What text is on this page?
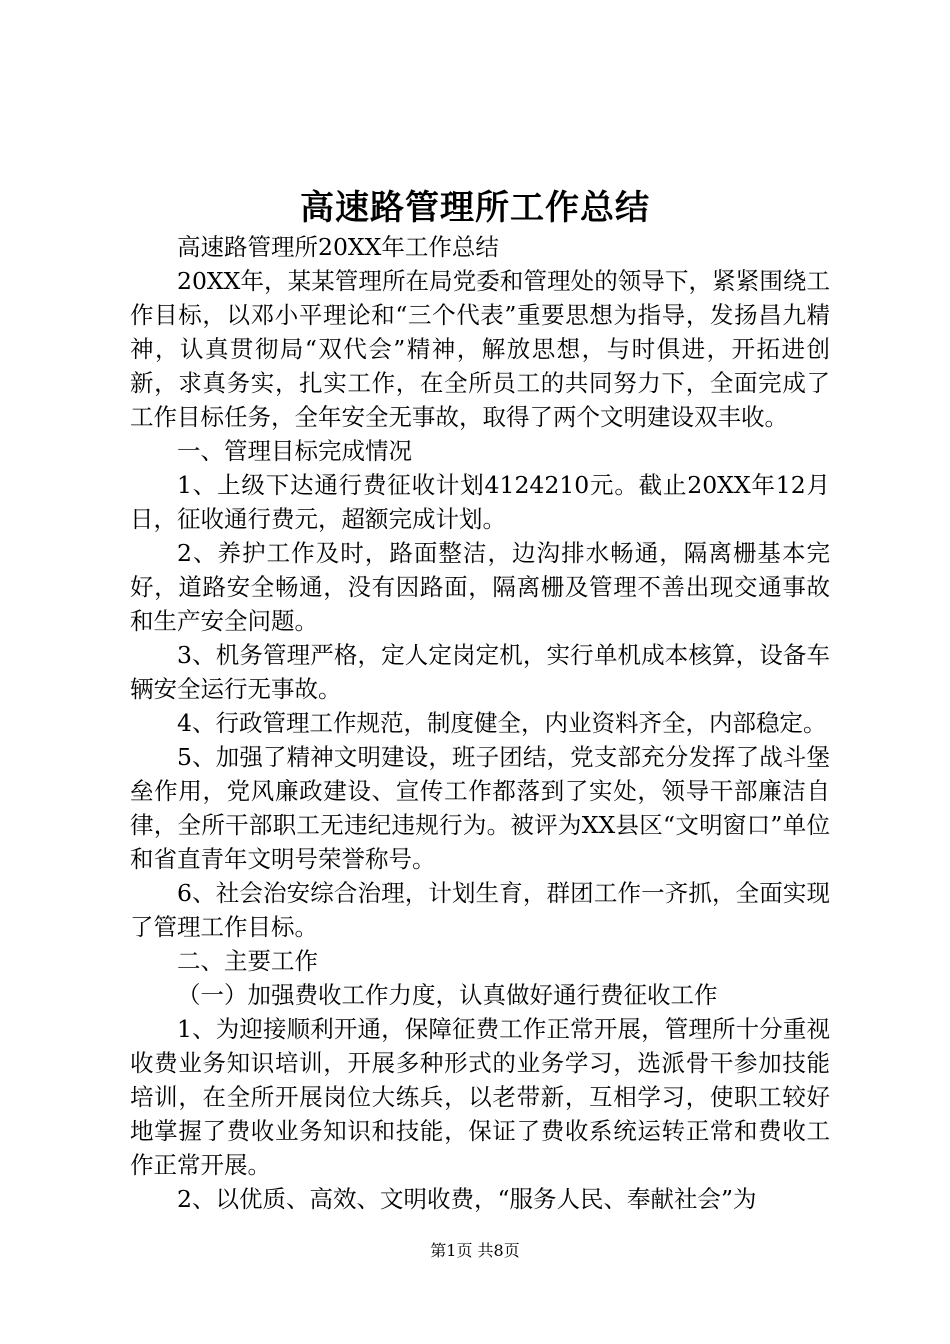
高速路管理所工作总结

高速路管理所20XX年工作总结

20XX年，某某管理所在局党委和管理处的领导下，紧紧围绕工作目标，以邓小平理论和“三个代表”重要思想为指导，发扬昌九精神，认真贯彻局“双代会”精神，解放思想，与时俱进，开拓进创新，求真务实，扎实工作，在全所员工的共同努力下，全面完成了工作目标任务，全年安全无事故，取得了两个文明建设双丰收。

一、管理目标完成情况

1、上级下达通行费征收计划4124210元。截止20XX年12月日，征收通行费元，超额完成计划。

2、养护工作及时，路面整洁，边沟排水畅通，隔离栅基本完好，道路安全畅通，没有因路面，隔离栅及管理不善出现交通事故和生产安全问题。

3、机务管理严格，定人定岗定机，实行单机成本核算，设备车辆安全运行无事故。

4、行政管理工作规范，制度健全，内业资料齐全，内部稳定。

5、加强了精神文明建设，班子团结，党支部充分发挥了战斗堡垒作用，党风廉政建设、宣传工作都落到了实处，领导干部廉洁自律，全所干部职工无违纪违规行为。被评为XX县区“文明窗口”单位和省直青年文明号荣誉称号。

6、社会治安综合治理，计划生育，群团工作一齐抓，全面实现了管理工作目标。

二、主要工作

（一）加强费收工作力度，认真做好通行费征收工作

1、为迎接顺利开通，保障征费工作正常开展，管理所十分重视收费业务知识培训，开展多种形式的业务学习，选派骨干参加技能培训，在全所开展岗位大练兵，以老带新，互相学习，使职工较好地掌握了费收业务知识和技能，保证了费收系统运转正常和费收工作正常开展。

2、以优质、高效、文明收费，“服务人民、奉献社会”为

第1页 共8页
